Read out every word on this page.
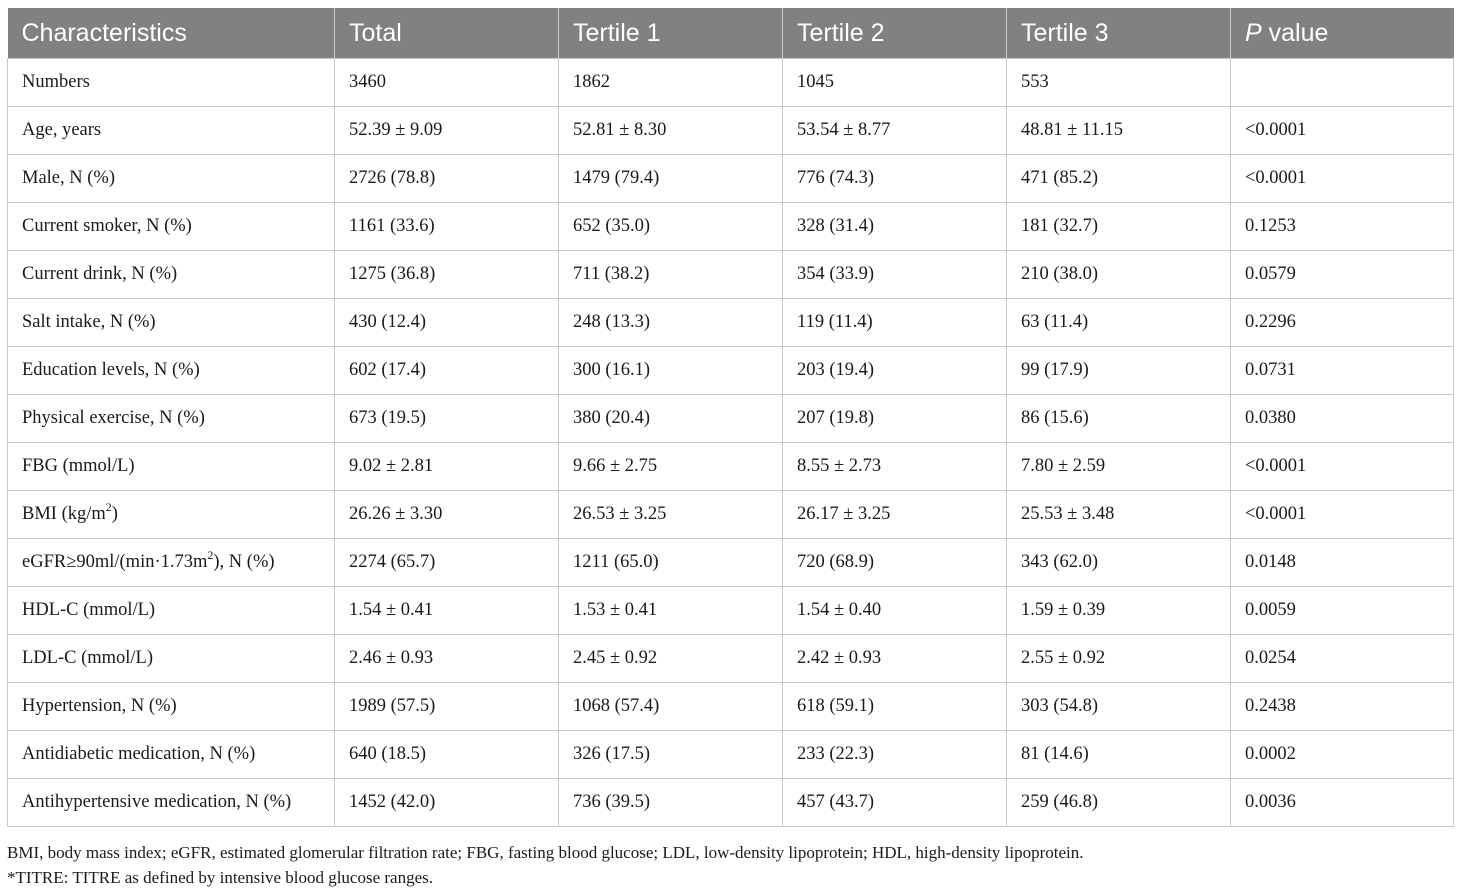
Characteristics	Total	Tertile 1	Tertile 2	Tertile 3	P value
Numbers	3460	1862	1045	553	
Age, years	52.39 ± 9.09	52.81 ± 8.30	53.54 ± 8.77	48.81 ± 11.15	<0.0001
Male, N (%)	2726 (78.8)	1479 (79.4)	776 (74.3)	471 (85.2)	<0.0001
Current smoker, N (%)	1161 (33.6)	652 (35.0)	328 (31.4)	181 (32.7)	0.1253
Current drink, N (%)	1275 (36.8)	711 (38.2)	354 (33.9)	210 (38.0)	0.0579
Salt intake, N (%)	430 (12.4)	248 (13.3)	119 (11.4)	63 (11.4)	0.2296
Education levels, N (%)	602 (17.4)	300 (16.1)	203 (19.4)	99 (17.9)	0.0731
Physical exercise, N (%)	673 (19.5)	380 (20.4)	207 (19.8)	86 (15.6)	0.0380
FBG (mmol/L)	9.02 ± 2.81	9.66 ± 2.75	8.55 ± 2.73	7.80 ± 2.59	<0.0001
BMI $(kg/m^2)$	26.26 ± 3.30	26.53 ± 3.25	26.17 ± 3.25	25.53 ± 3.48	<0.0001
$eGFR\ge 90ml/(\min\cdot 1.73m^2)$, N (%)	2274 (65.7)	1211 (65.0)	720 (68.9)	343 (62.0)	0.0148
HDL-C (mmol/L)	1.54 ± 0.41	1.53 ± 0.41	1.54 ± 0.40	1.59 ± 0.39	0.0059
LDL-C (mmol/L)	2.46 ± 0.93	2.45 ± 0.92	2.42 ± 0.93	2.55 ± 0.92	0.0254
Hypertension, N (%)	1989 (57.5)	1068 (57.4)	618 (59.1)	303 (54.8)	0.2438
Antidiabetic medication, N (%)	640 (18.5)	326 (17.5)	233 (22.3)	81 (14.6)	0.0002
Antihypertensive medication, N (%)	1452 (42.0)	736 (39.5)	457 (43.7)	259 (46.8)	0.0036
BMI, body mass index; eGFR, estimated glomerular filtration rate; FBG, fasting blood glucose; LDL, low-density lipoprotein; HDL, high-density lipoprotein.
*TITRE: TITRE as defined by intensive blood glucose ranges.
